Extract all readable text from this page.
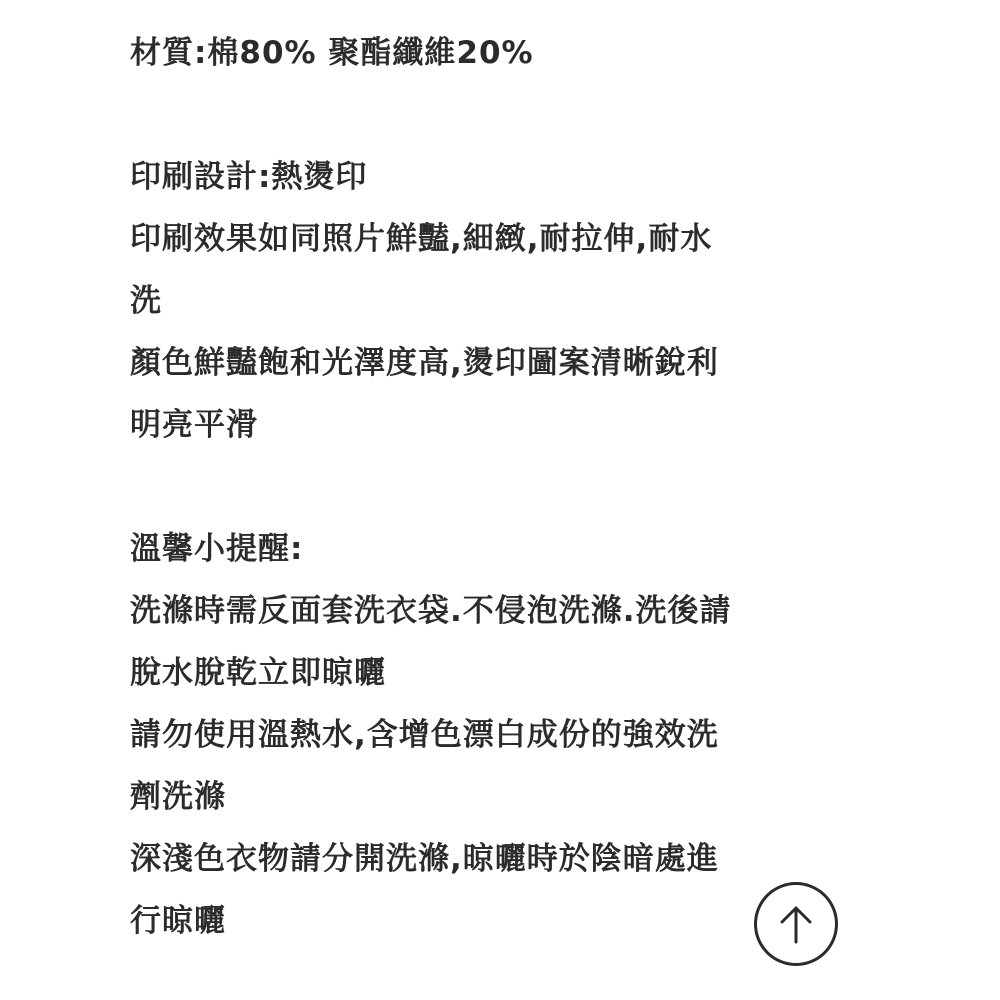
材質:棉80% 聚酯纖維20%
印刷設計:熱燙印
印刷效果如同照片鮮豔,細緻,耐拉伸,耐水
洗
顏色鮮豔飽和光澤度高,燙印圖案清晰銳利
明亮平滑
溫馨小提醒:
洗滌時需反面套洗衣袋.不侵泡洗滌.洗後請
脫水脫乾立即晾曬
請勿使用溫熱水,含增色漂白成份的強效洗
劑洗滌
深淺色衣物請分開洗滌,晾曬時於陰暗處進
行晾曬
